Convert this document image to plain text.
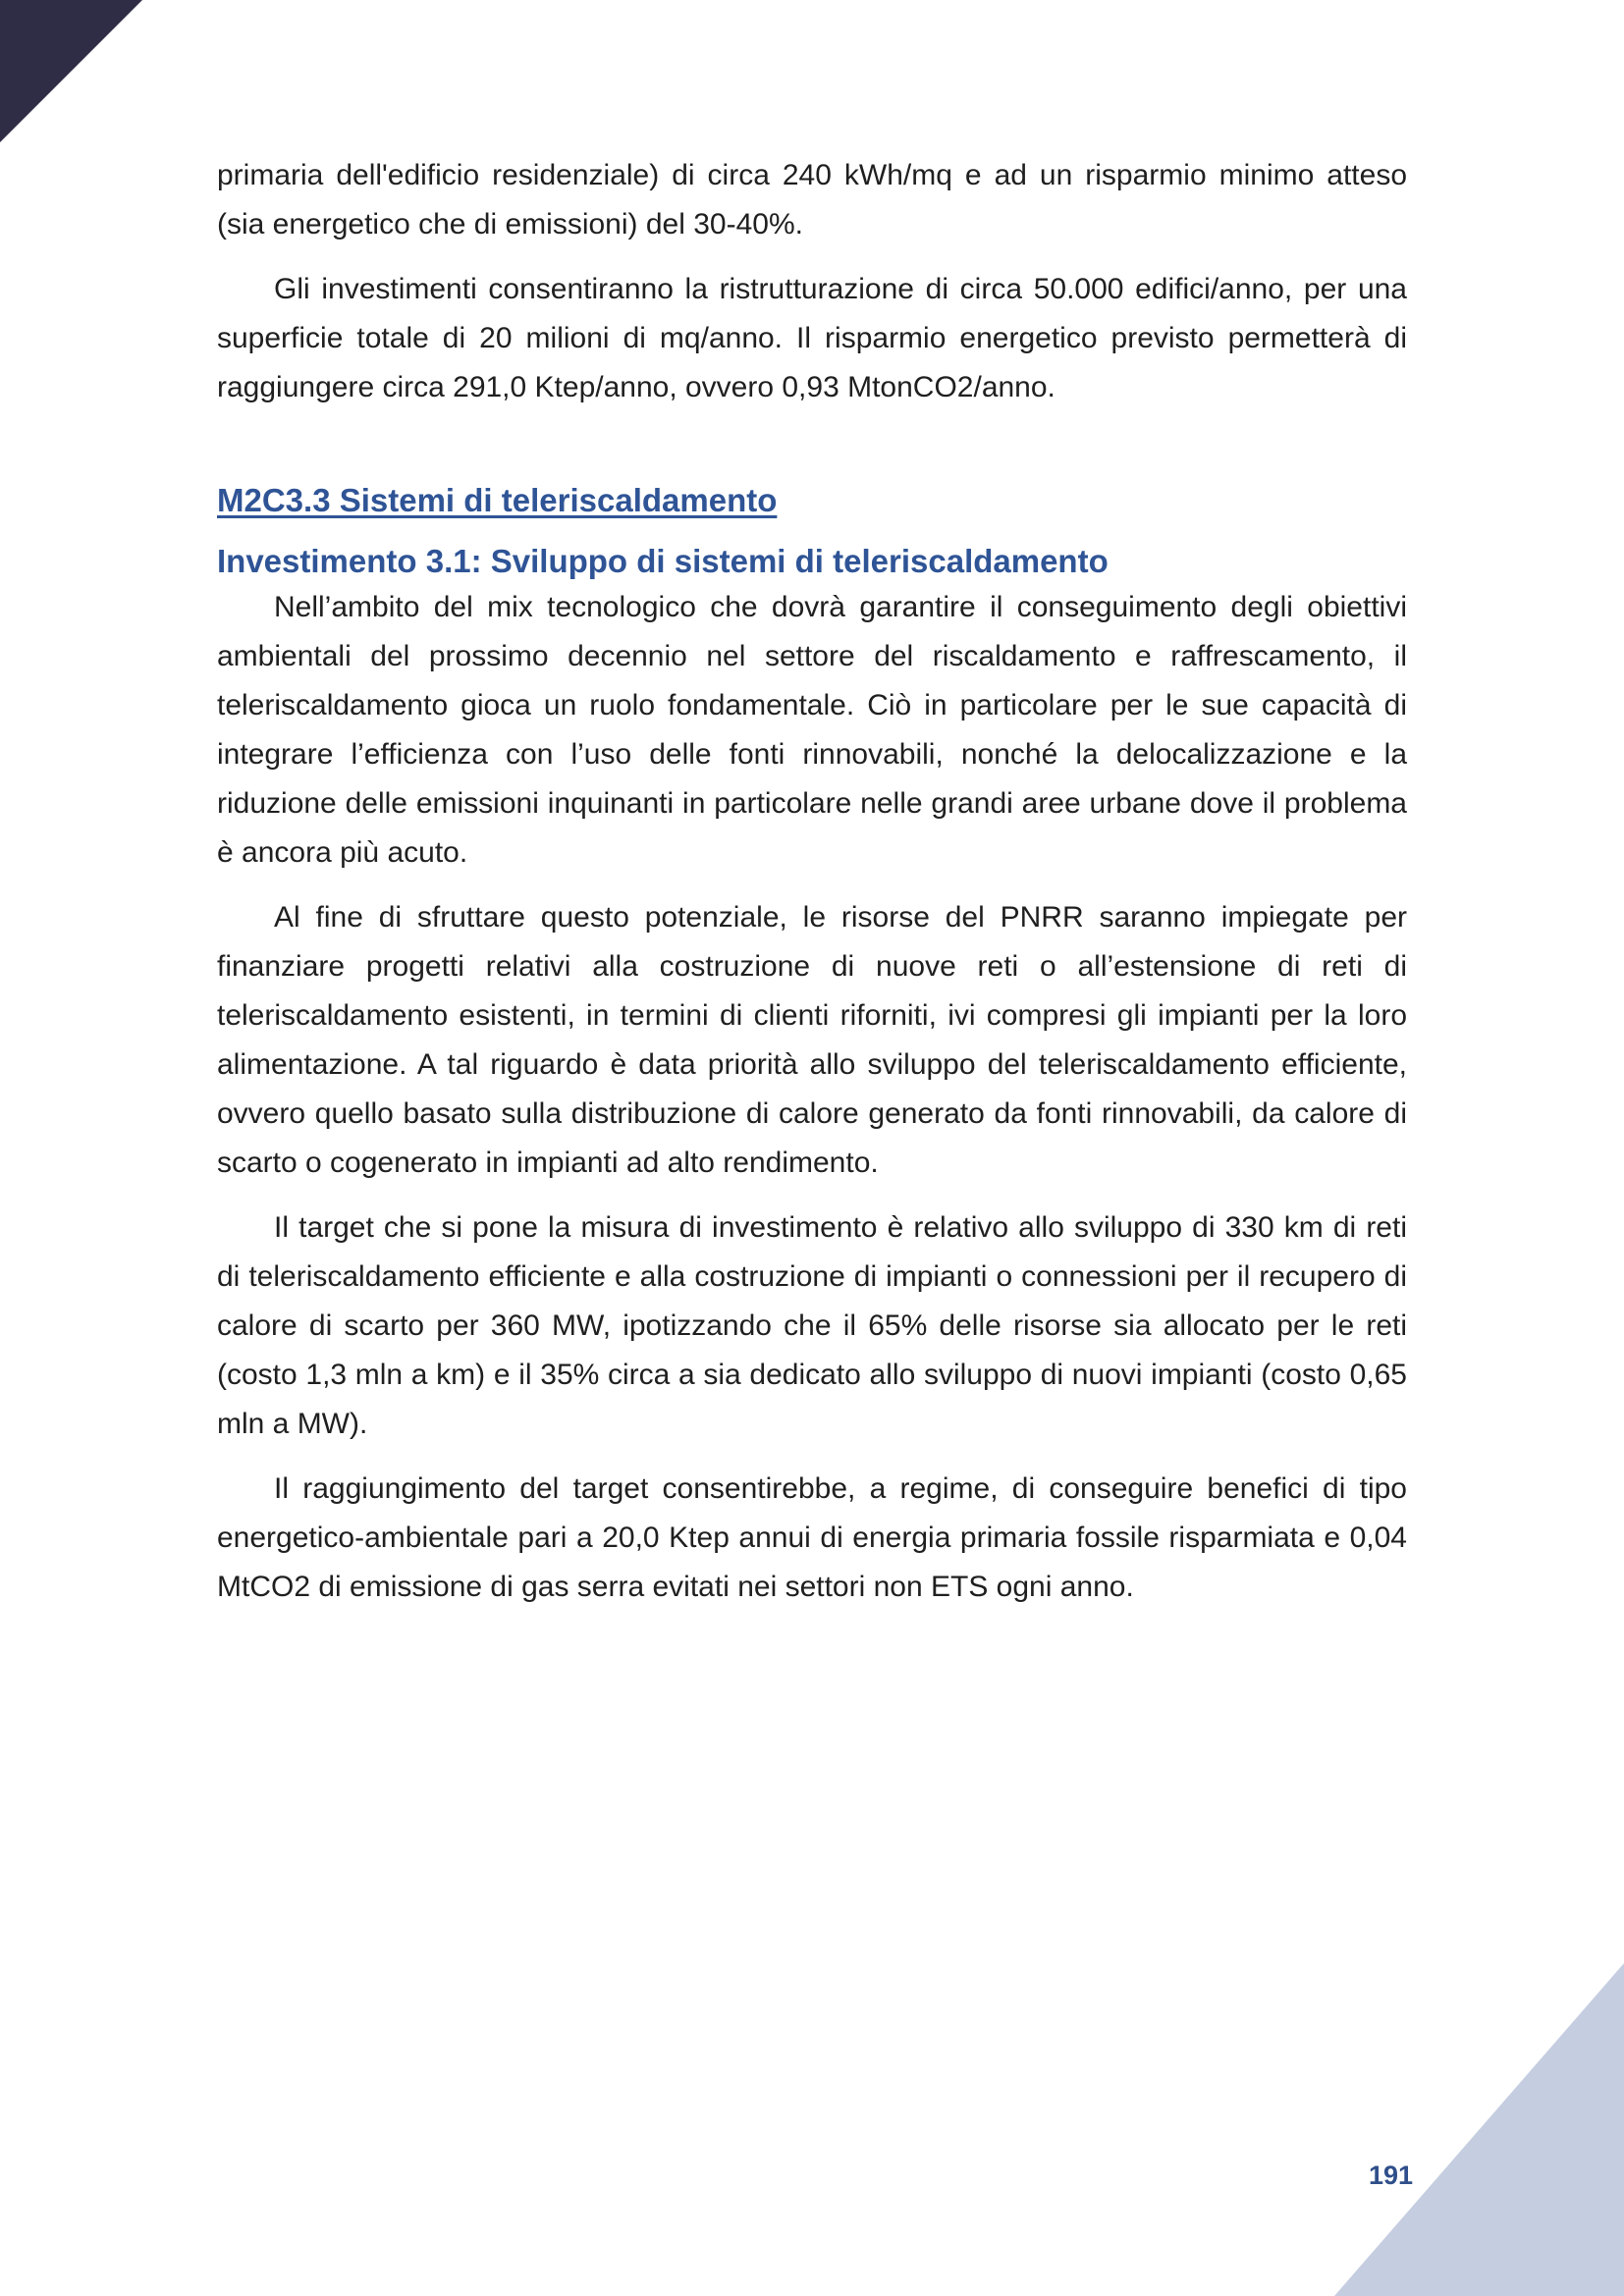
primaria dell'edificio residenziale) di circa 240 kWh/mq e ad un risparmio minimo atteso (sia energetico che di emissioni) del 30-40%.

Gli investimenti consentiranno la ristrutturazione di circa 50.000 edifici/anno, per una superficie totale di 20 milioni di mq/anno. Il risparmio energetico previsto permetterà di raggiungere circa 291,0 Ktep/anno, ovvero 0,93 MtonCO2/anno.

M2C3.3 Sistemi di teleriscaldamento
Investimento 3.1: Sviluppo di sistemi di teleriscaldamento

Nell’ambito del mix tecnologico che dovrà garantire il conseguimento degli obiettivi ambientali del prossimo decennio nel settore del riscaldamento e raffrescamento, il teleriscaldamento gioca un ruolo fondamentale. Ciò in particolare per le sue capacità di integrare l’efficienza con l’uso delle fonti rinnovabili, nonché la delocalizzazione e la riduzione delle emissioni inquinanti in particolare nelle grandi aree urbane dove il problema è ancora più acuto.

Al fine di sfruttare questo potenziale, le risorse del PNRR saranno impiegate per finanziare progetti relativi alla costruzione di nuove reti o all’estensione di reti di teleriscaldamento esistenti, in termini di clienti riforniti, ivi compresi gli impianti per la loro alimentazione. A tal riguardo è data priorità allo sviluppo del teleriscaldamento efficiente, ovvero quello basato sulla distribuzione di calore generato da fonti rinnovabili, da calore di scarto o cogenerato in impianti ad alto rendimento.

Il target che si pone la misura di investimento è relativo allo sviluppo di 330 km di reti di teleriscaldamento efficiente e alla costruzione di impianti o connessioni per il recupero di calore di scarto per 360 MW, ipotizzando che il 65% delle risorse sia allocato per le reti (costo 1,3 mln a km) e il 35% circa a sia dedicato allo sviluppo di nuovi impianti (costo 0,65 mln a MW).

Il raggiungimento del target consentirebbe, a regime, di conseguire benefici di tipo energetico-ambientale pari a 20,0 Ktep annui di energia primaria fossile risparmiata e 0,04 MtCO2 di emissione di gas serra evitati nei settori non ETS ogni anno.

191
